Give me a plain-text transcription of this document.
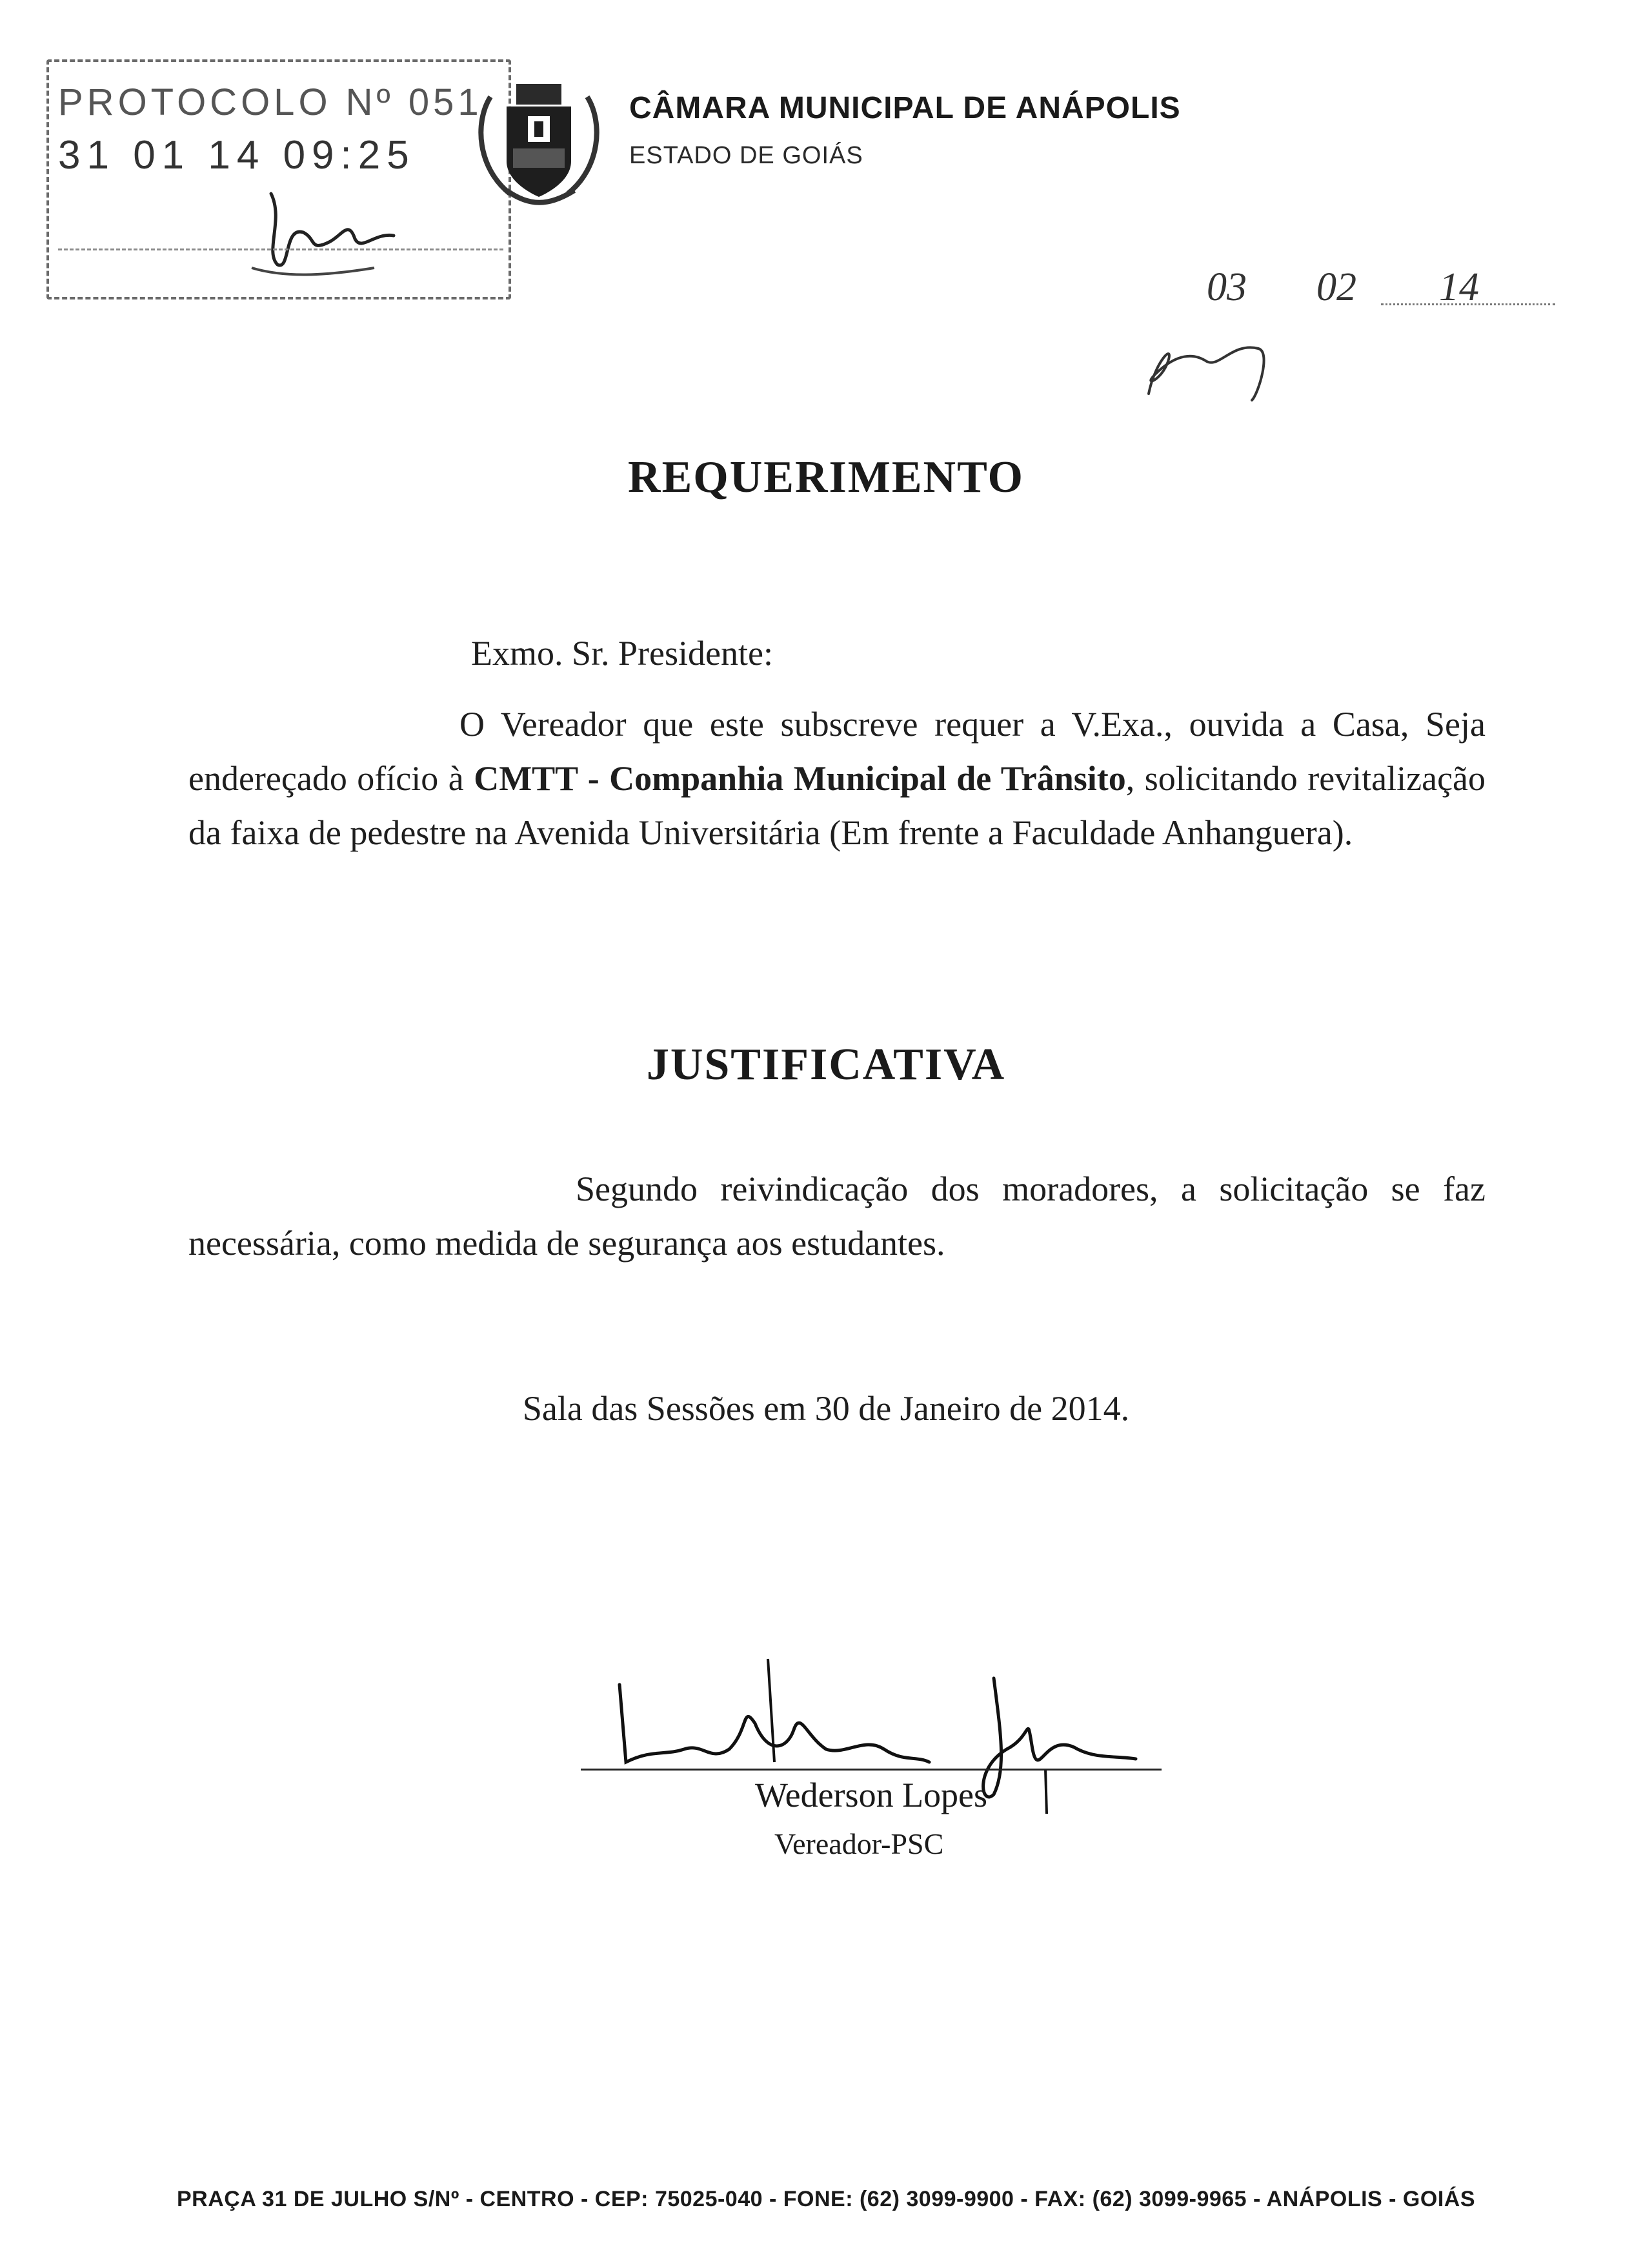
PROTOCOLO Nº 051
31 01 14 09:25
CÂMARA MUNICIPAL DE ANÁPOLIS
ESTADO DE GOIÁS
03 02 14
REQUERIMENTO
Exmo. Sr. Presidente:
O Vereador que este subscreve requer a V.Exa., ouvida a Casa, Seja endereçado ofício à CMTT - Companhia Municipal de Trânsito, solicitando revitalização da faixa de pedestre na Avenida Universitária (Em frente a Faculdade Anhanguera).
JUSTIFICATIVA
Segundo reivindicação dos moradores, a solicitação se faz necessária, como medida de segurança aos estudantes.
Sala das Sessões em 30 de Janeiro de 2014.
Wederson Lopes
Vereador-PSC
PRAÇA 31 DE JULHO S/Nº - CENTRO - CEP: 75025-040 - FONE: (62) 3099-9900 - FAX: (62) 3099-9965 - ANÁPOLIS - GOIÁS
